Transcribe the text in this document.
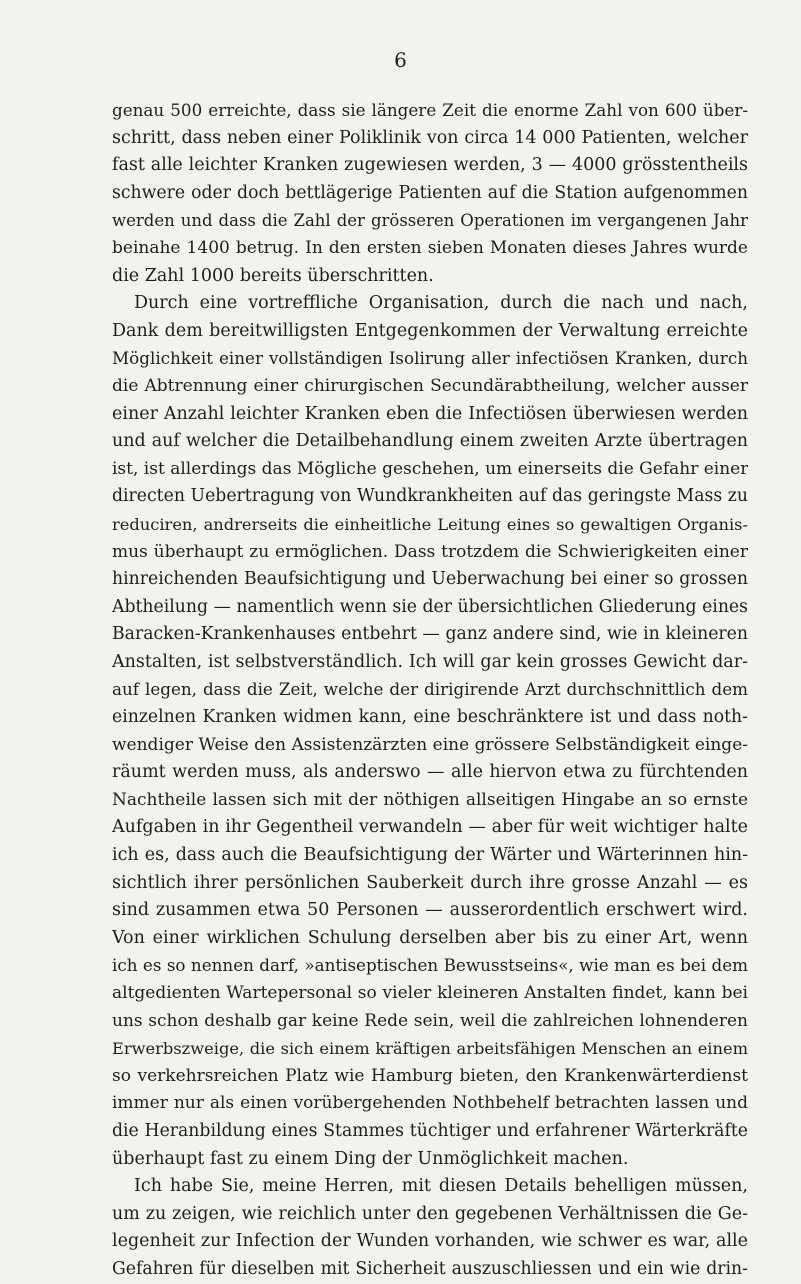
6
genau 500 erreichte, dass sie längere Zeit die enorme Zahl von 600 über-
schritt, dass neben einer Poliklinik von circa 14 000 Patienten, welcher
fast alle leichter Kranken zugewiesen werden, 3 — 4000 grösstentheils
schwere oder doch bettlägerige Patienten auf die Station aufgenommen
werden und dass die Zahl der grösseren Operationen im vergangenen Jahr
beinahe 1400 betrug. In den ersten sieben Monaten dieses Jahres wurde
die Zahl 1000 bereits überschritten.
Durch eine vortreffliche Organisation, durch die nach und nach,
Dank dem bereitwilligsten Entgegenkommen der Verwaltung erreichte
Möglichkeit einer vollständigen Isolirung aller infectiösen Kranken, durch
die Abtrennung einer chirurgischen Secundärabtheilung, welcher ausser
einer Anzahl leichter Kranken eben die Infectiösen überwiesen werden
und auf welcher die Detailbehandlung einem zweiten Arzte übertragen
ist, ist allerdings das Mögliche geschehen, um einerseits die Gefahr einer
directen Uebertragung von Wundkrankheiten auf das geringste Mass zu
reduciren, andrerseits die einheitliche Leitung eines so gewaltigen Organis-
mus überhaupt zu ermöglichen. Dass trotzdem die Schwierigkeiten einer
hinreichenden Beaufsichtigung und Ueberwachung bei einer so grossen
Abtheilung — namentlich wenn sie der übersichtlichen Gliederung eines
Baracken-Krankenhauses entbehrt — ganz andere sind, wie in kleineren
Anstalten, ist selbstverständlich. Ich will gar kein grosses Gewicht dar-
auf legen, dass die Zeit, welche der dirigirende Arzt durchschnittlich dem
einzelnen Kranken widmen kann, eine beschränktere ist und dass noth-
wendiger Weise den Assistenzärzten eine grössere Selbständigkeit einge-
räumt werden muss, als anderswo — alle hiervon etwa zu fürchtenden
Nachtheile lassen sich mit der nöthigen allseitigen Hingabe an so ernste
Aufgaben in ihr Gegentheil verwandeln — aber für weit wichtiger halte
ich es, dass auch die Beaufsichtigung der Wärter und Wärterinnen hin-
sichtlich ihrer persönlichen Sauberkeit durch ihre grosse Anzahl — es
sind zusammen etwa 50 Personen — ausserordentlich erschwert wird.
Von einer wirklichen Schulung derselben aber bis zu einer Art, wenn
ich es so nennen darf, »antiseptischen Bewusstseins«, wie man es bei dem
altgedienten Wartepersonal so vieler kleineren Anstalten findet, kann bei
uns schon deshalb gar keine Rede sein, weil die zahlreichen lohnenderen
Erwerbszweige, die sich einem kräftigen arbeitsfähigen Menschen an einem
so verkehrsreichen Platz wie Hamburg bieten, den Krankenwärterdienst
immer nur als einen vorübergehenden Nothbehelf betrachten lassen und
die Heranbildung eines Stammes tüchtiger und erfahrener Wärterkräfte
überhaupt fast zu einem Ding der Unmöglichkeit machen.
Ich habe Sie, meine Herren, mit diesen Details behelligen müssen,
um zu zeigen, wie reichlich unter den gegebenen Verhältnissen die Ge-
legenheit zur Infection der Wunden vorhanden, wie schwer es war, alle
Gefahren für dieselben mit Sicherheit auszuschliessen und ein wie drin-
